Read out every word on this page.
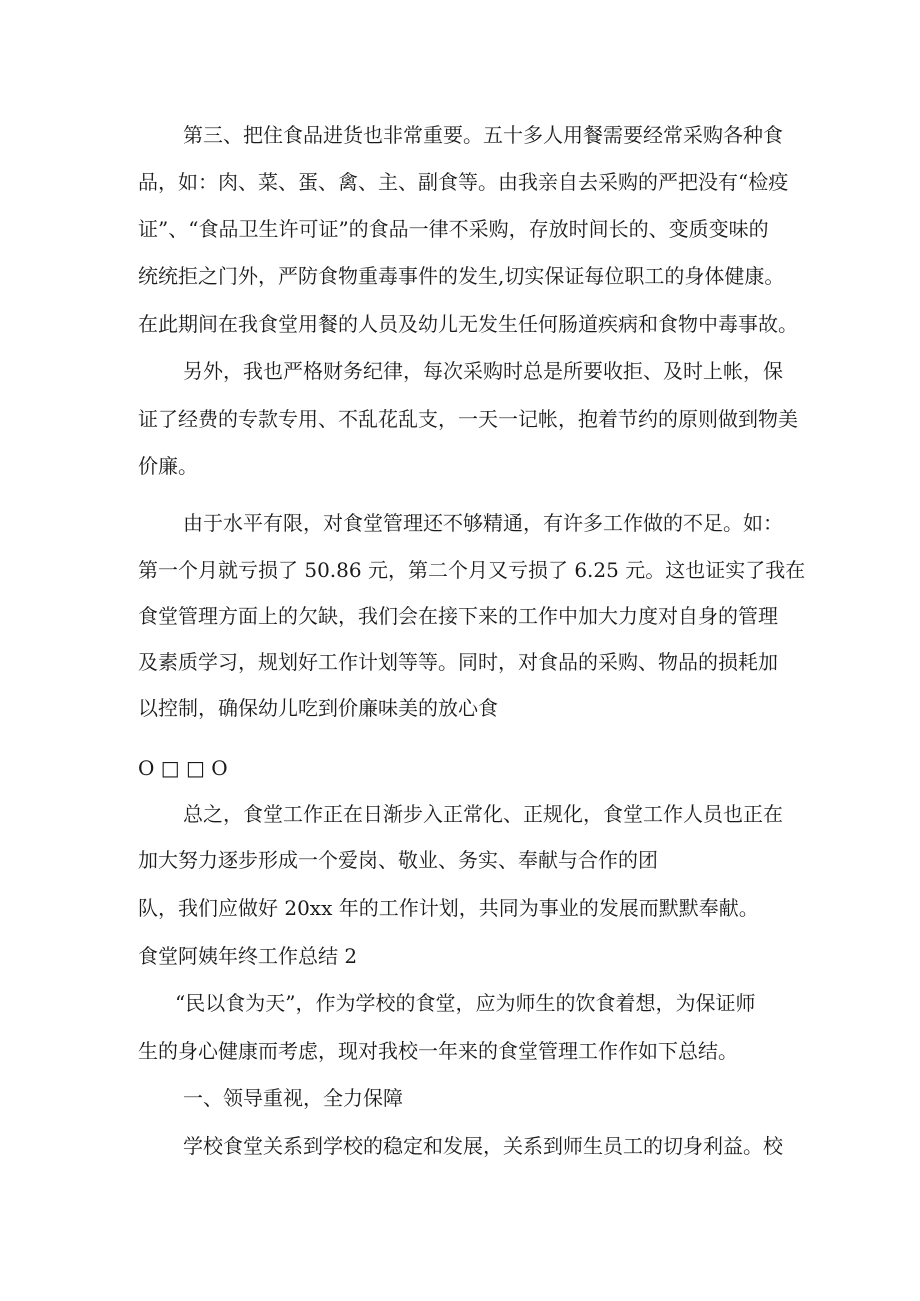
第三、把住食品进货也非常重要。五十多人用餐需要经常采购各种食

品，如：肉、菜、蛋、禽、主、副食等。由我亲自去采购的严把没有“检疫

证”、“食品卫生许可证”的食品一律不采购，存放时间长的、变质变味的

统统拒之门外，严防食物重毒事件的发生,切实保证每位职工的身体健康。

在此期间在我食堂用餐的人员及幼儿无发生任何肠道疾病和食物中毒事故。

另外，我也严格财务纪律，每次采购时总是所要收拒、及时上帐，保

证了经费的专款专用、不乱花乱支，一天一记帐，抱着节约的原则做到物美

价廉。

由于水平有限，对食堂管理还不够精通，有许多工作做的不足。如：

第一个月就亏损了 50.86 元，第二个月又亏损了 6.25 元。这也证实了我在

食堂管理方面上的欠缺，我们会在接下来的工作中加大力度对自身的管理

及素质学习，规划好工作计划等等。同时，对食品的采购、物品的损耗加

以控制，确保幼儿吃到价廉味美的放心食

O □ □ O

总之，食堂工作正在日渐步入正常化、正规化，食堂工作人员也正在

加大努力逐步形成一个爱岗、敬业、务实、奉献与合作的团

队，我们应做好 20xx 年的工作计划，共同为事业的发展而默默奉献。

食堂阿姨年终工作总结 2

“民以食为天”，作为学校的食堂，应为师生的饮食着想，为保证师

生的身心健康而考虑，现对我校一年来的食堂管理工作作如下总结。

一、领导重视，全力保障

学校食堂关系到学校的稳定和发展，关系到师生员工的切身利益。校
